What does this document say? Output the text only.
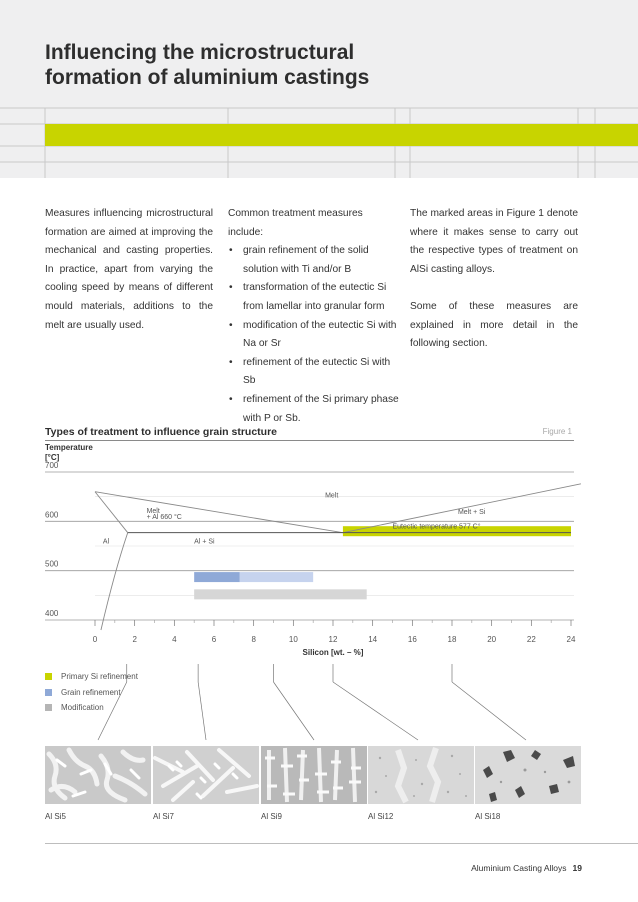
Influencing the microstructural
formation of aluminium castings

Measures influencing microstructural formation are aimed at improving the mechanical and casting properties. In practice, apart from varying the cooling speed by means of different mould materials, additions to the melt are usually used.

Common treatment measures include:

• grain refinement of the solid solution with Ti and/or B
• transformation of the eutectic Si from lamellar into granular form
• modification of the eutectic Si with Na or Sr
• refinement of the eutectic Si with Sb
• refinement of the Si primary phase with P or Sb.

The marked areas in Figure 1 denote where it makes sense to carry out the respective types of treatment on AlSi casting alloys.

Some of these measures are explained in more detail in the following section.

Types of treatment to influence grain structure	Figure 1
Temperature
[°C]
700
600
500
400
0	2	4	6	8	10	12	14	16	18	20	22	24
Silicon [wt. – %]
Melt
Melt
+ Al 660 °C
Melt + Si
Al	Al + Si
Eutectic temperature 577 C°
Primary Si refinement
Grain refinement
Modification
Al Si5	Al Si7	Al Si9	Al Si12	Al Si18
Aluminium Casting Alloys 19
